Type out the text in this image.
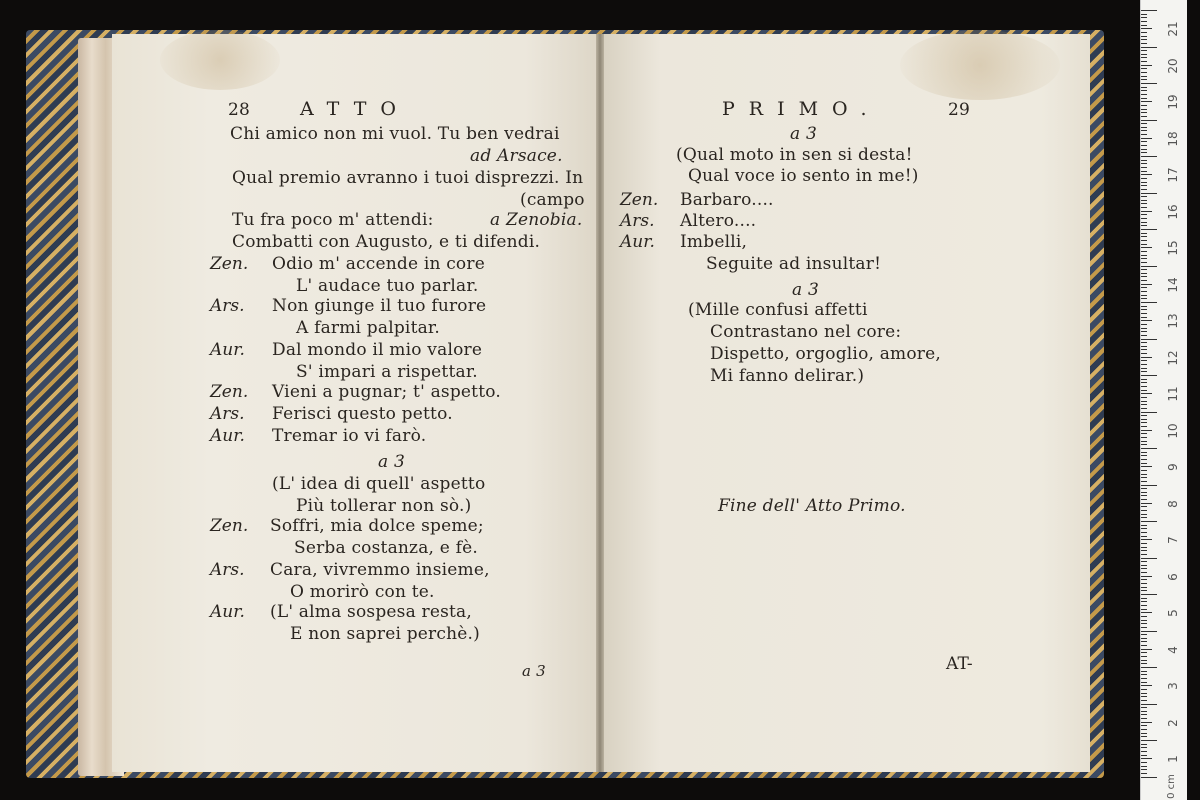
28	ATTO
Chi amico non mi vuol. Tu ben vedrai
ad Arsace.
Qual premio avranno i tuoi disprezzi. In
(campo
Tu fra poco m' attendi:	a Zenobia.
Combatti con Augusto, e ti difendi.
Zen. Odio m' accende in core
L' audace tuo parlar.
Ars. Non giunge il tuo furore
A farmi palpitar.
Aur. Dal mondo il mio valore
S' impari a rispettar.
Zen. Vieni a pugnar; t' aspetto.
Ars. Ferisci questo petto.
Aur. Tremar io vi farò.
a 3
(L' idea di quell' aspetto
Più tollerar non sò.)
Zen. Soffri, mia dolce speme;
Serba costanza, e fè.
Ars. Cara, vivremmo insieme,
O morirò con te.
Aur. (L' alma sospesa resta,
E non saprei perchè.)
a 3
PRIMO.	29
a 3
(Qual moto in sen si desta!
Qual voce io sento in me!)
Zen. Barbaro....
Ars. Altero....
Aur. Imbelli,
Seguite ad insultar!
a 3
(Mille confusi affetti
Contrastano nel core:
Dispetto, orgoglio, amore,
Mi fanno delirar.)
Fine dell' Atto Primo.
AT-
21
20
19
18
17
16
15
14
13
12
11
10
9
8
7
6
5
4
3
2
1
0 cm
